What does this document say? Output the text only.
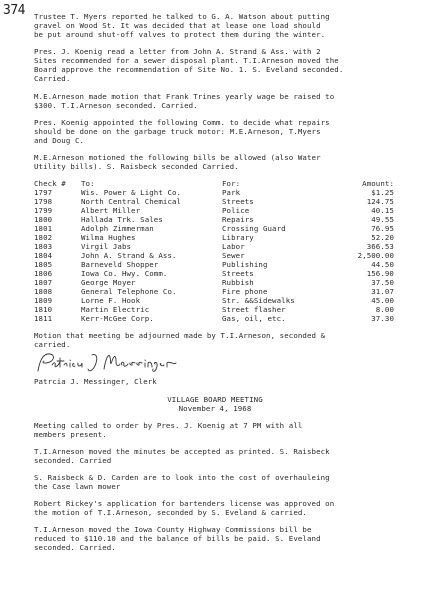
374 Trustee T. Myers reported he talked to G. A. Watson about putting
gravel on Wood St. It was decided that at lease one load should
be put around shut-off valves to protect them during the winter.

Pres. J. Koenig read a letter from John A. Strand & Ass. with 2
Sites recommended for a sewer disposal plant. T.I.Arneson moved the
Board approve the recommendation of Site No. 1. S. Eveland seconded.
Carried.

M.E.Arneson made motion that Frank Trines yearly wage be raised to
$300. T.I.Arneson seconded. Carried.

Pres. Koenig appointed the following Comm. to decide what repairs
should be done on the garbage truck motor: M.E.Arneson, T.Myers
and Doug C.

M.E.Arneson motioned the following bills be allowed (also Water
Utility bills). S. Raisbeck seconded Carried.

Check # To:	For:	Amount:
1797	Wis. Power & Light Co.	Park	$1.25
1798	North Central Chemical	Streets	124.75
1799	Albert Miller	Police	40.15
1800	Hallada Trk. Sales	Repairs	49.55
1801	Adolph Zimmerman	Crossing Guard	76.95
1802	Wilma Hughes	Library	52.20
1803	Virgil Jabs	Labor	366.53
1804	John A. Strand & Ass.	Sewer	2,500.00
1805	Barneveld Shopper	Publishing	44.50
1806	Iowa Co. Hwy. Comm.	Streets	156.90
1807	George Moyer	Rubbish	37.50
1808	General Telephone Co.	Fire phone	31.07
1809	Lorne F. Hook	Str. &&Sidewalks	45.00
1810	Martin Electric	Street flasher	8.00
1811	Kerr-McGee Corp.	Gas, oil, etc.	37.30

Motion that meeting be adjourned made by T.I.Arneson, seconded &
carried.

Patrcia J. Messinger, Clerk

VILLAGE BOARD MEETING

November 4, 1968

Meeting called to order by Pres. J. Koenig at 7 PM with all
members present.

T.I.Arneson moved the minutes be accepted as printed. S. Raisbeck
seconded. Carried

S. Raisbeck & D. Carden are to look into the cost of overhauleing
the Case lawn mower

Robert Rickey's application for bartenders license was approved on
the motion of T.I.Arneson, seconded by S. Eveland & carried.

T.I.Arneson moved the Iowa County Highway Commissions bill be
reduced to $110.10 and the balance of bills be paid. S. Eveland
seconded. Carried.
